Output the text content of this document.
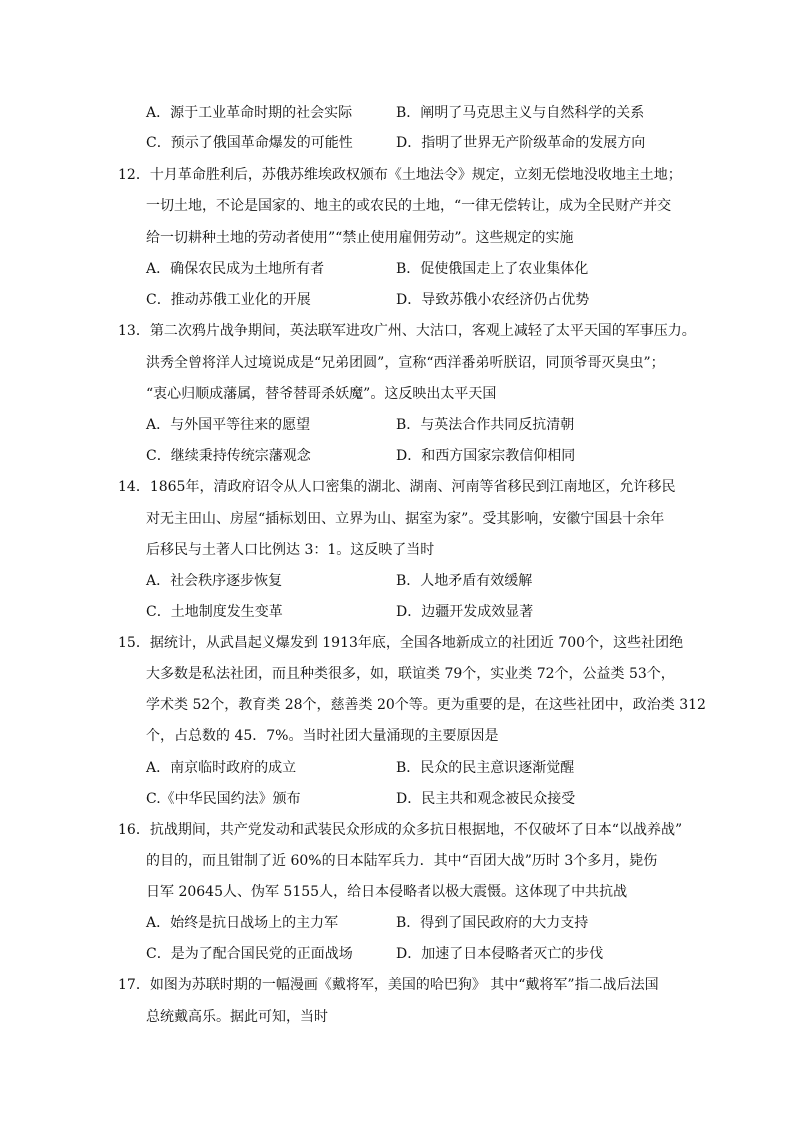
A．源于工业革命时期的社会实际	B．阐明了马克思主义与自然科学的关系
C．预示了俄国革命爆发的可能性	D．指明了世界无产阶级革命的发展方向
12．十月革命胜利后，苏俄苏维埃政权颁布《土地法令》规定，立刻无偿地没收地主土地；
一切土地，不论是国家的、地主的或农民的土地，“一律无偿转让，成为全民财产并交
给一切耕种土地的劳动者使用”“禁止使用雇佣劳动”。这些规定的实施
A．确保农民成为土地所有者	B．促使俄国走上了农业集体化
C．推动苏俄工业化的开展	D．导致苏俄小农经济仍占优势
13．第二次鸦片战争期间，英法联军进攻广州、大沽口，客观上减轻了太平天国的军事压力。
洪秀全曾将洋人过境说成是“兄弟团圆”，宣称“西洋番弟听朕诏，同顶爷哥灭臭虫”；
“衷心归顺成藩属，替爷替哥杀妖魔”。这反映出太平天国
A．与外国平等往来的愿望	B．与英法合作共同反抗清朝
C．继续秉持传统宗藩观念	D．和西方国家宗教信仰相同
14．1865年，清政府诏令从人口密集的湖北、湖南、河南等省移民到江南地区，允许移民
对无主田山、房屋“插标划田、立界为山、据室为家”。受其影响，安徽宁国县十余年
后移民与土著人口比例达 3：1。这反映了当时
A．社会秩序逐步恢复	B．人地矛盾有效缓解
C．土地制度发生变革	D．边疆开发成效显著
15．据统计，从武昌起义爆发到 1913年底，全国各地新成立的社团近 700个，这些社团绝
大多数是私法社团，而且种类很多，如，联谊类 79个，实业类 72个，公益类 53个，
学术类 52个，教育类 28个，慈善类 20个等。更为重要的是，在这些社团中，政治类 312
个，占总数的 45．7%。当时社团大量涌现的主要原因是
A．南京临时政府的成立	B．民众的民主意识逐渐觉醒
C.《中华民国约法》颁布	D．民主共和观念被民众接受
16．抗战期间，共产党发动和武装民众形成的众多抗日根据地，不仅破坏了日本“以战养战”
的目的，而且钳制了近 60%的日本陆军兵力．其中“百团大战”历时 3个多月，毙伤
日军 20645人、伪军 5155人，给日本侵略者以极大震慑。这体现了中共抗战
A．始终是抗日战场上的主力军	B．得到了国民政府的大力支持
C．是为了配合国民党的正面战场	D．加速了日本侵略者灭亡的步伐
17．如图为苏联时期的一幅漫画《戴将军，美国的哈巴狗》 其中“戴将军”指二战后法国
总统戴高乐。据此可知，当时
